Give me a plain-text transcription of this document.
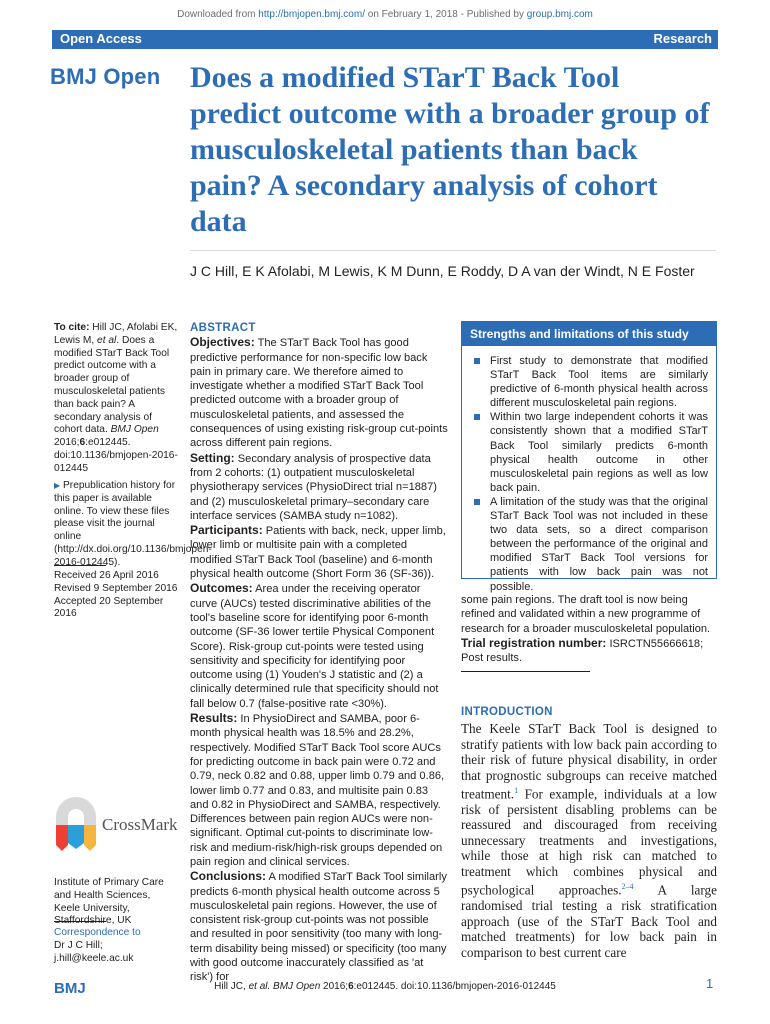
Downloaded from http://bmjopen.bmj.com/ on February 1, 2018 - Published by group.bmj.com
Open Access	Research
BMJ Open Does a modified STarT Back Tool predict outcome with a broader group of musculoskeletal patients than back pain? A secondary analysis of cohort data
J C Hill, E K Afolabi, M Lewis, K M Dunn, E Roddy, D A van der Windt, N E Foster
To cite: Hill JC, Afolabi EK, Lewis M, et al. Does a modified STarT Back Tool predict outcome with a broader group of musculoskeletal patients than back pain? A secondary analysis of cohort data. BMJ Open 2016;6:e012445. doi:10.1136/bmjopen-2016-012445
▶ Prepublication history for this paper is available online. To view these files please visit the journal online (http://dx.doi.org/10.1136/bmjopen-2016-012445).
Received 26 April 2016
Revised 9 September 2016
Accepted 20 September 2016
CrossMark
Institute of Primary Care and Health Sciences, Keele University, Staffordshire, UK
Correspondence to
Dr J C Hill; j.hill@keele.ac.uk
ABSTRACT

Objectives: The STarT Back Tool has good predictive performance for non-specific low back pain in primary care. We therefore aimed to investigate whether a modified STarT Back Tool predicted outcome with a broader group of musculoskeletal patients, and assessed the consequences of using existing risk-group cut-points across different pain regions.

Setting: Secondary analysis of prospective data from 2 cohorts: (1) outpatient musculoskeletal physiotherapy services (PhysioDirect trial n=1887) and (2) musculoskeletal primary–secondary care interface services (SAMBA study n=1082).

Participants: Patients with back, neck, upper limb, lower limb or multisite pain with a completed modified STarT Back Tool (baseline) and 6-month physical health outcome (Short Form 36 (SF-36)).

Outcomes: Area under the receiving operator curve (AUCs) tested discriminative abilities of the tool's baseline score for identifying poor 6-month outcome (SF-36 lower tertile Physical Component Score). Risk-group cut-points were tested using sensitivity and specificity for identifying poor outcome using (1) Youden's J statistic and (2) a clinically determined rule that specificity should not fall below 0.7 (false-positive rate <30%).

Results: In PhysioDirect and SAMBA, poor 6-month physical health was 18.5% and 28.2%, respectively. Modified STarT Back Tool score AUCs for predicting outcome in back pain were 0.72 and 0.79, neck 0.82 and 0.88, upper limb 0.79 and 0.86, lower limb 0.77 and 0.83, and multisite pain 0.83 and 0.82 in PhysioDirect and SAMBA, respectively. Differences between pain region AUCs were non-significant. Optimal cut-points to discriminate low-risk and medium-risk/high-risk groups depended on pain region and clinical services.

Conclusions: A modified STarT Back Tool similarly predicts 6-month physical health outcome across 5 musculoskeletal pain regions. However, the use of consistent risk-group cut-points was not possible and resulted in poor sensitivity (too many with long-term disability being missed) or specificity (too many with good outcome inaccurately classified as 'at risk') for

Strengths and limitations of this study
First study to demonstrate that modified STarT Back Tool items are similarly predictive of 6-month physical health across different musculoskeletal pain regions.
Within two large independent cohorts it was consistently shown that a modified STarT Back Tool similarly predicts 6-month physical health outcome in other musculoskeletal pain regions as well as low back pain.
A limitation of the study was that the original STarT Back Tool was not included in these two data sets, so a direct comparison between the performance of the original and modified STarT Back Tool versions for patients with low back pain was not possible.
some pain regions. The draft tool is now being refined and validated within a new programme of research for a broader musculoskeletal population.
Trial registration number: ISRCTN55666618; Post results.
INTRODUCTION
The Keele STarT Back Tool is designed to stratify patients with low back pain according to their risk of future physical disability, in order that prognostic subgroups can receive matched treatment.$^1$ For example, individuals at a low risk of persistent disabling problems can be reassured and discouraged from receiving unnecessary treatments and investigations, while those at high risk can matched to treatment which combines physical and psychological approaches.$^{2-4}$ A large randomised trial testing a risk stratification approach (use of the STarT Back Tool and matched treatments) for low back pain in comparison to best current care
BMJ	Hill JC, et al. BMJ Open 2016;6:e012445. doi:10.1136/bmjopen-2016-012445	1
